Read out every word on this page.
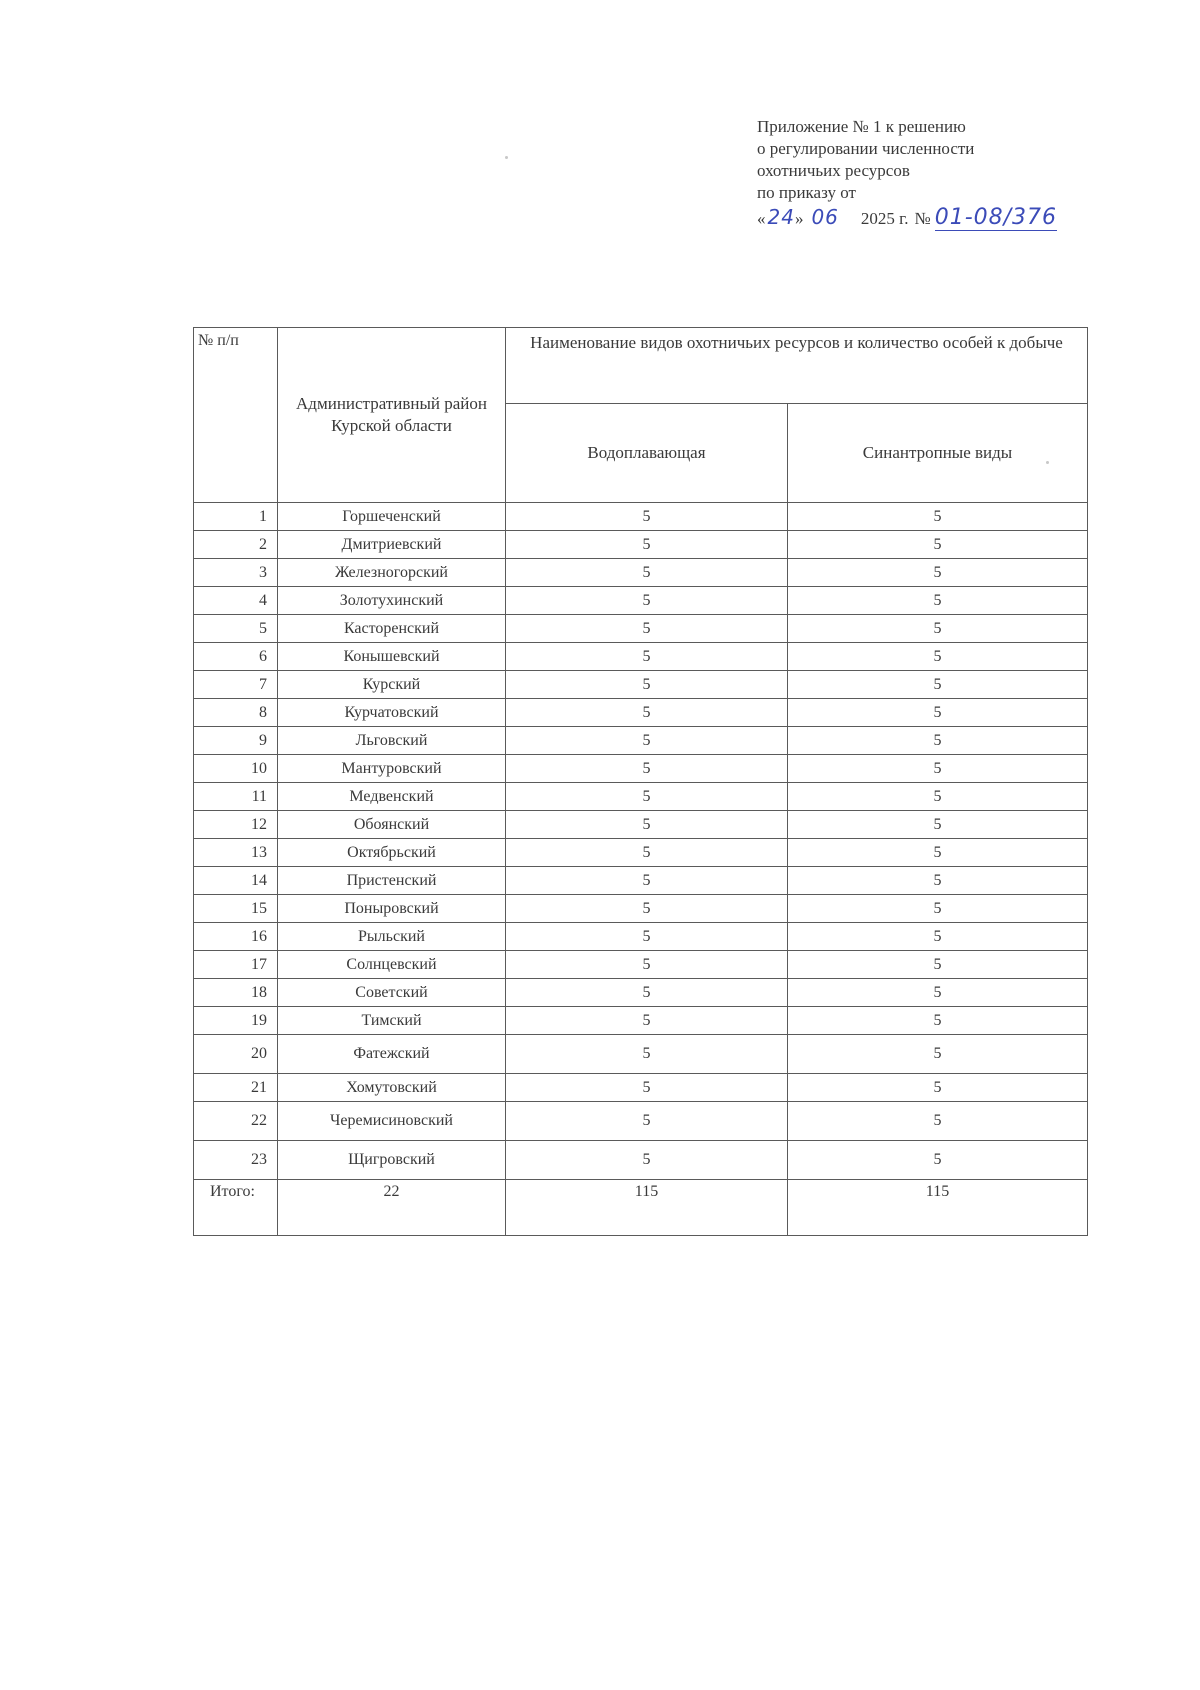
Приложение № 1 к решению
о регулировании численности
охотничьих ресурсов
по приказу от
« 24» 06 2025 г. № 01-08/376
№ п/п	Административный район Курской области	Наименование видов охотничьих ресурсов и количество особей к добыче	
		Водоплавающая	Синантропные виды
1	Горшеченский	5	5
2	Дмитриевский	5	5
3	Железногорский	5	5
4	Золотухинский	5	5
5	Касторенский	5	5
6	Конышевский	5	5
7	Курский	5	5
8	Курчатовский	5	5
9	Льговский	5	5
10	Мантуровский	5	5
11	Медвенский	5	5
12	Обоянский	5	5
13	Октябрьский	5	5
14	Пристенский	5	5
15	Поныровский	5	5
16	Рыльский	5	5
17	Солнцевский	5	5
18	Советский	5	5
19	Тимский	5	5
20	Фатежский	5	5
21	Хомутовский	5	5
22	Черемисиновский	5	5
23	Щигровский	5	5
Итого:	22	115	115
